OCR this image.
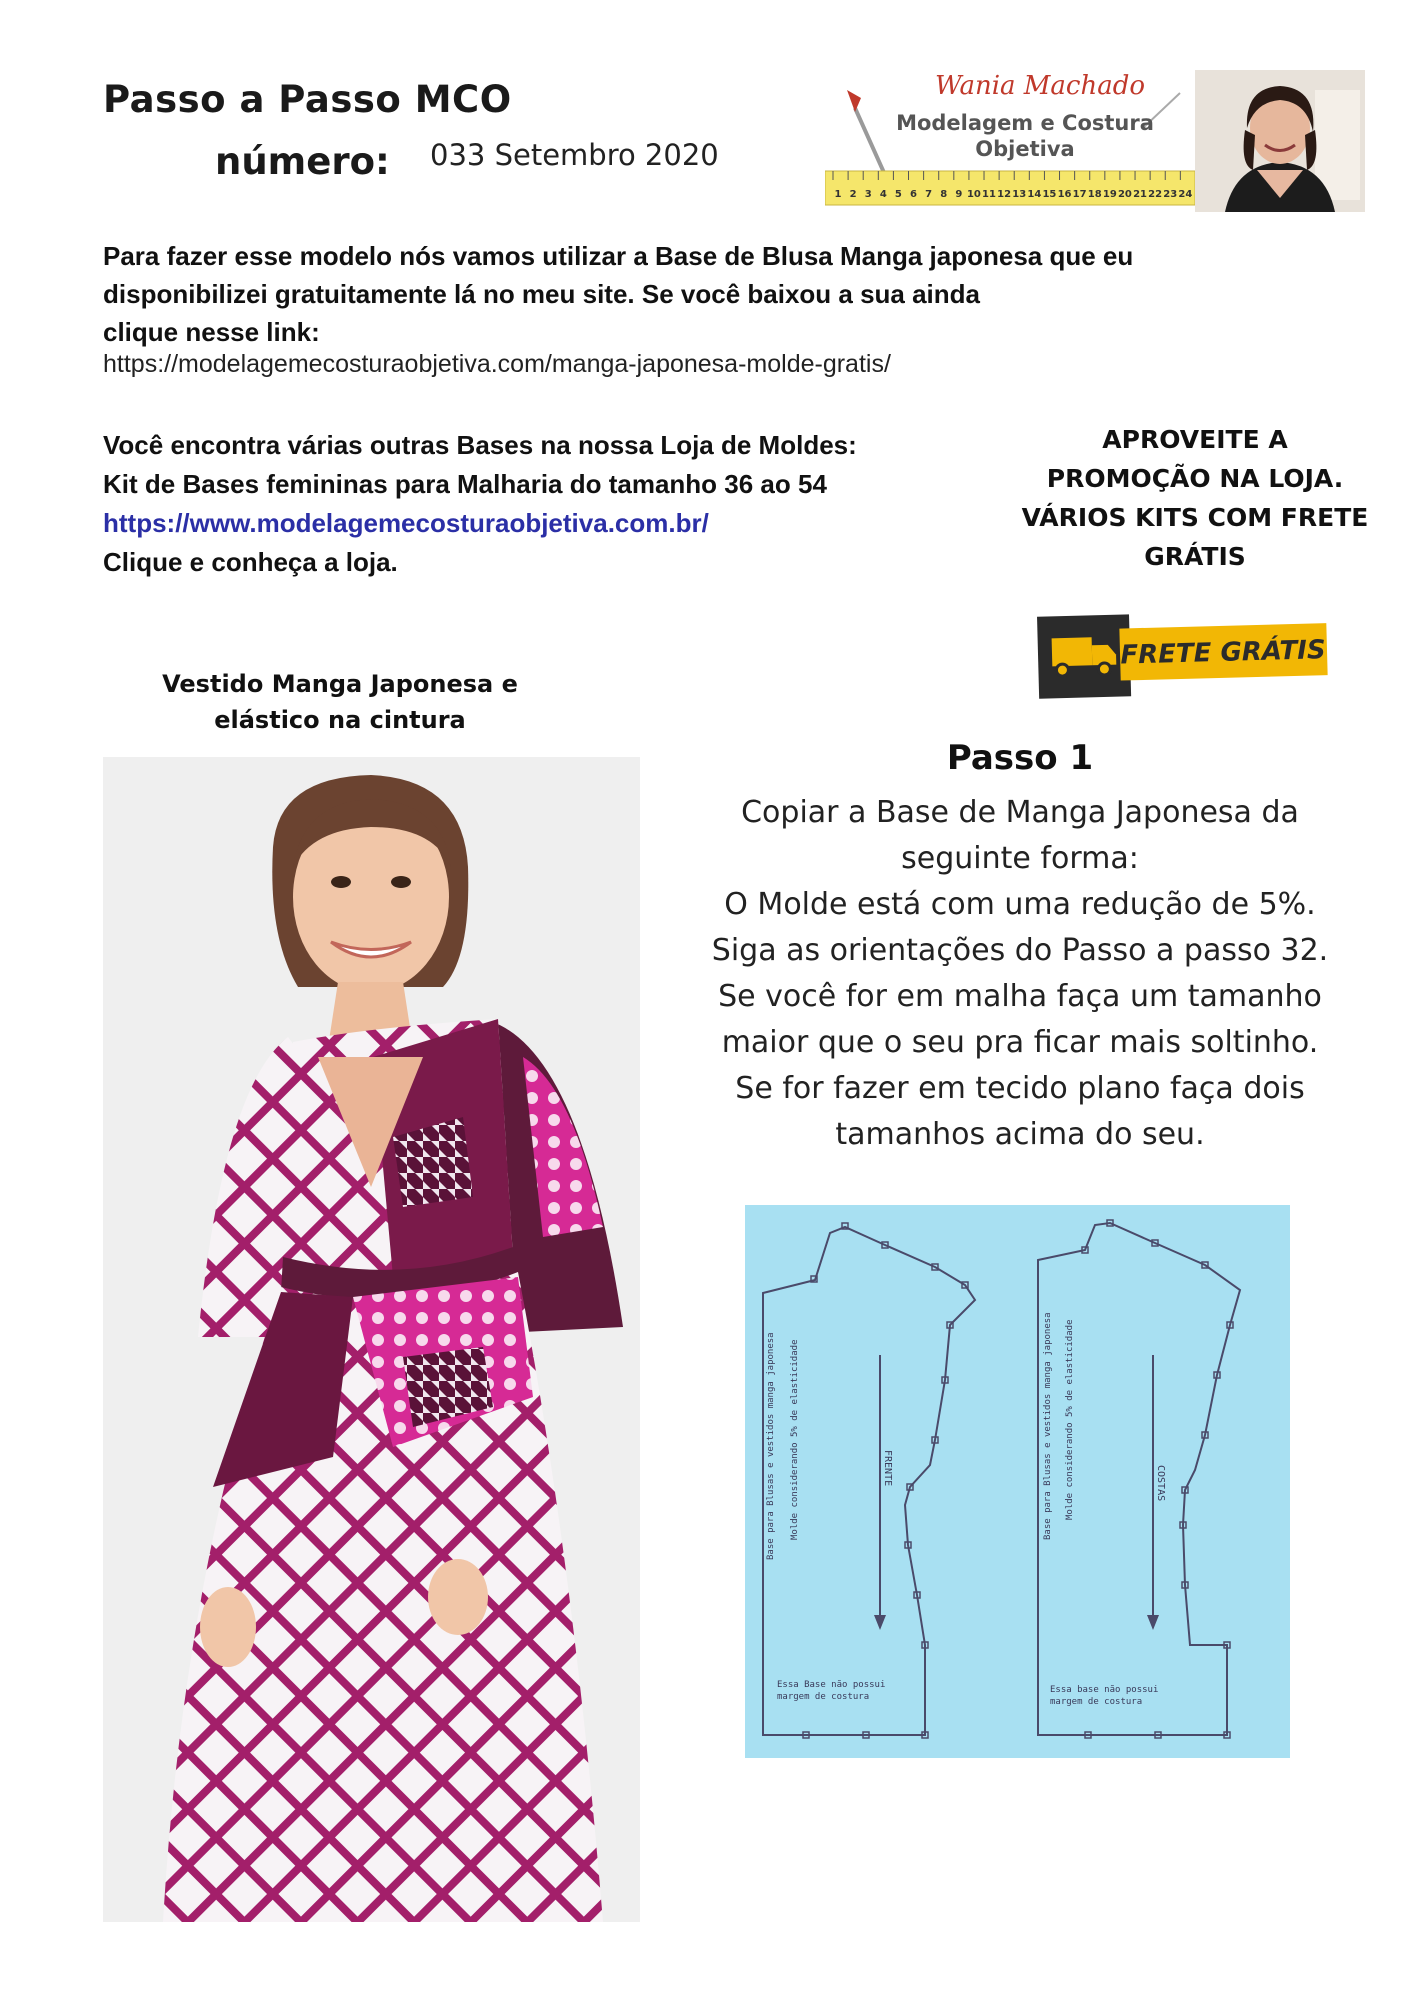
Passo a Passo MCO
número: 033 Setembro 2020
Wania Machado
Modelagem e Costura
Objetiva
1 2 3 4 5 6 7 8 9 10 11 12 13 14 15 16 17 18 19 20 21 22 23 24
Para fazer esse modelo nós vamos utilizar a Base de Blusa Manga japonesa que eu
disponibilizei gratuitamente lá no meu site. Se você baixou a sua ainda
clique nesse link:
https://modelagemecosturaobjetiva.com/manga-japonesa-molde-gratis/
Você encontra várias outras Bases na nossa Loja de Moldes:
Kit de Bases femininas para Malharia do tamanho 36 ao 54
https://www.modelagemecosturaobjetiva.com.br/
Clique e conheça a loja.
APROVEITE A
PROMOÇÃO NA LOJA.
VÁRIOS KITS COM FRETE
GRÁTIS
FRETE GRÁTIS
Vestido Manga Japonesa e
elástico na cintura
Passo 1
Copiar a Base de Manga Japonesa da
seguinte forma:
O Molde está com uma redução de 5%.
Siga as orientações do Passo a passo 32.
Se você for em malha faça um tamanho
maior que o seu pra ficar mais soltinho.
Se for fazer em tecido plano faça dois
tamanhos acima do seu.
Base para Blusas e vestidos manga japonesa Molde considerando 5% de elasticidade	FRENTE
Essa Base não possui
margem de costura
Base para Blusas e vestidos manga japonesa Molde considerando 5% de elasticidade	COSTAS
Essa base não possui
margem de costura
